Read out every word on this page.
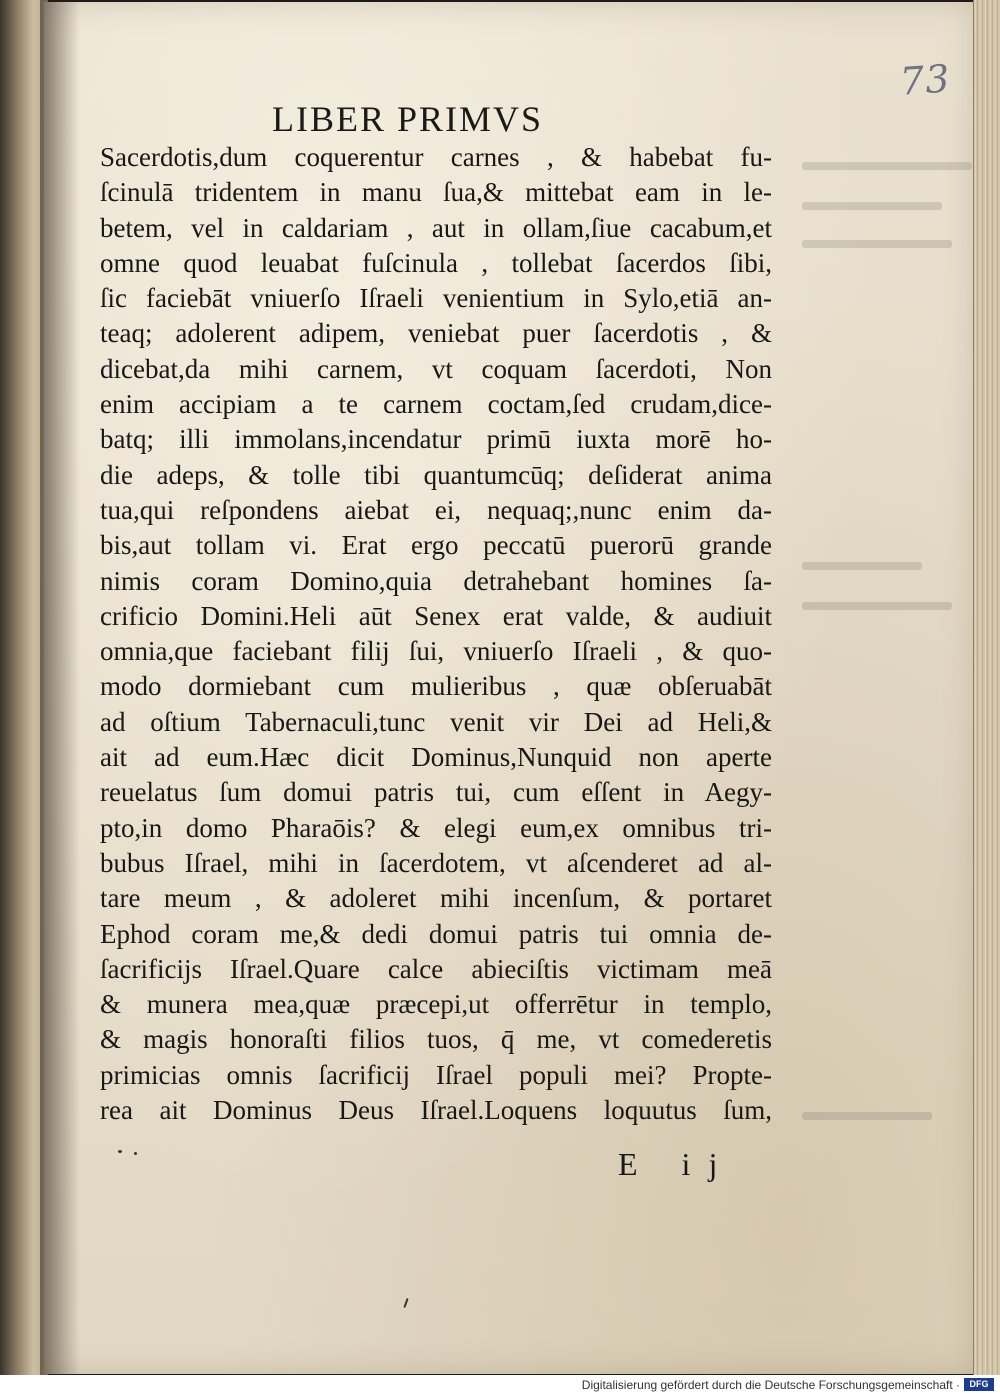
73
LIBER PRIMVS
Sacerdotis,dum coquerentur carnes , & habebat fu-
ſcinulā tridentem in manu ſua,& mittebat eam in le-
betem, vel in caldariam , aut in ollam,ſiue cacabum,et
omne quod leuabat fuſcinula , tollebat ſacerdos ſibi,
ſic faciebāt vniuerſo Iſraeli venientium in Sylo,etiā an-
teaq; adolerent adipem, veniebat puer ſacerdotis , &
dicebat,da mihi carnem, vt coquam ſacerdoti, Non
enim accipiam a te carnem coctam,ſed crudam,dice-
batq; illi immolans,incendatur primū iuxta morē ho-
die adeps, & tolle tibi quantumcūq; deſiderat anima
tua,qui reſpondens aiebat ei, nequaq;,nunc enim da-
bis,aut tollam vi. Erat ergo peccatū puerorū grande
nimis coram Domino,quia detrahebant homines ſa-
crificio Domini.Heli aūt Senex erat valde, & audiuit
omnia,que faciebant filij ſui, vniuerſo Iſraeli , & quo-
modo dormiebant cum mulieribus , quæ obſeruabāt
ad oſtium Tabernaculi,tunc venit vir Dei ad Heli,&
ait ad eum.Hæc dicit Dominus,Nunquid non aperte
reuelatus ſum domui patris tui, cum eſſent in Aegy-
pto,in domo Pharaōis? & elegi eum,ex omnibus tri-
bubus Iſrael, mihi in ſacerdotem, vt aſcenderet ad al-
tare meum , & adoleret mihi incenſum, & portaret
Ephod coram me,& dedi domui patris tui omnia de-
ſacrificijs Iſrael.Quare calce abieciſtis victimam meā
& munera mea,quæ præcepi,ut offerrētur in templo,
& magis honoraſti filios tuos, q̄ me, vt comederetis
primicias omnis ſacrificij Iſrael populi mei? Propte-
rea ait Dominus Deus Iſrael.Loquens loquutus ſum,
E ij
Digitalisierung gefördert durch die Deutsche Forschungsgemeinschaft ·	DFG
